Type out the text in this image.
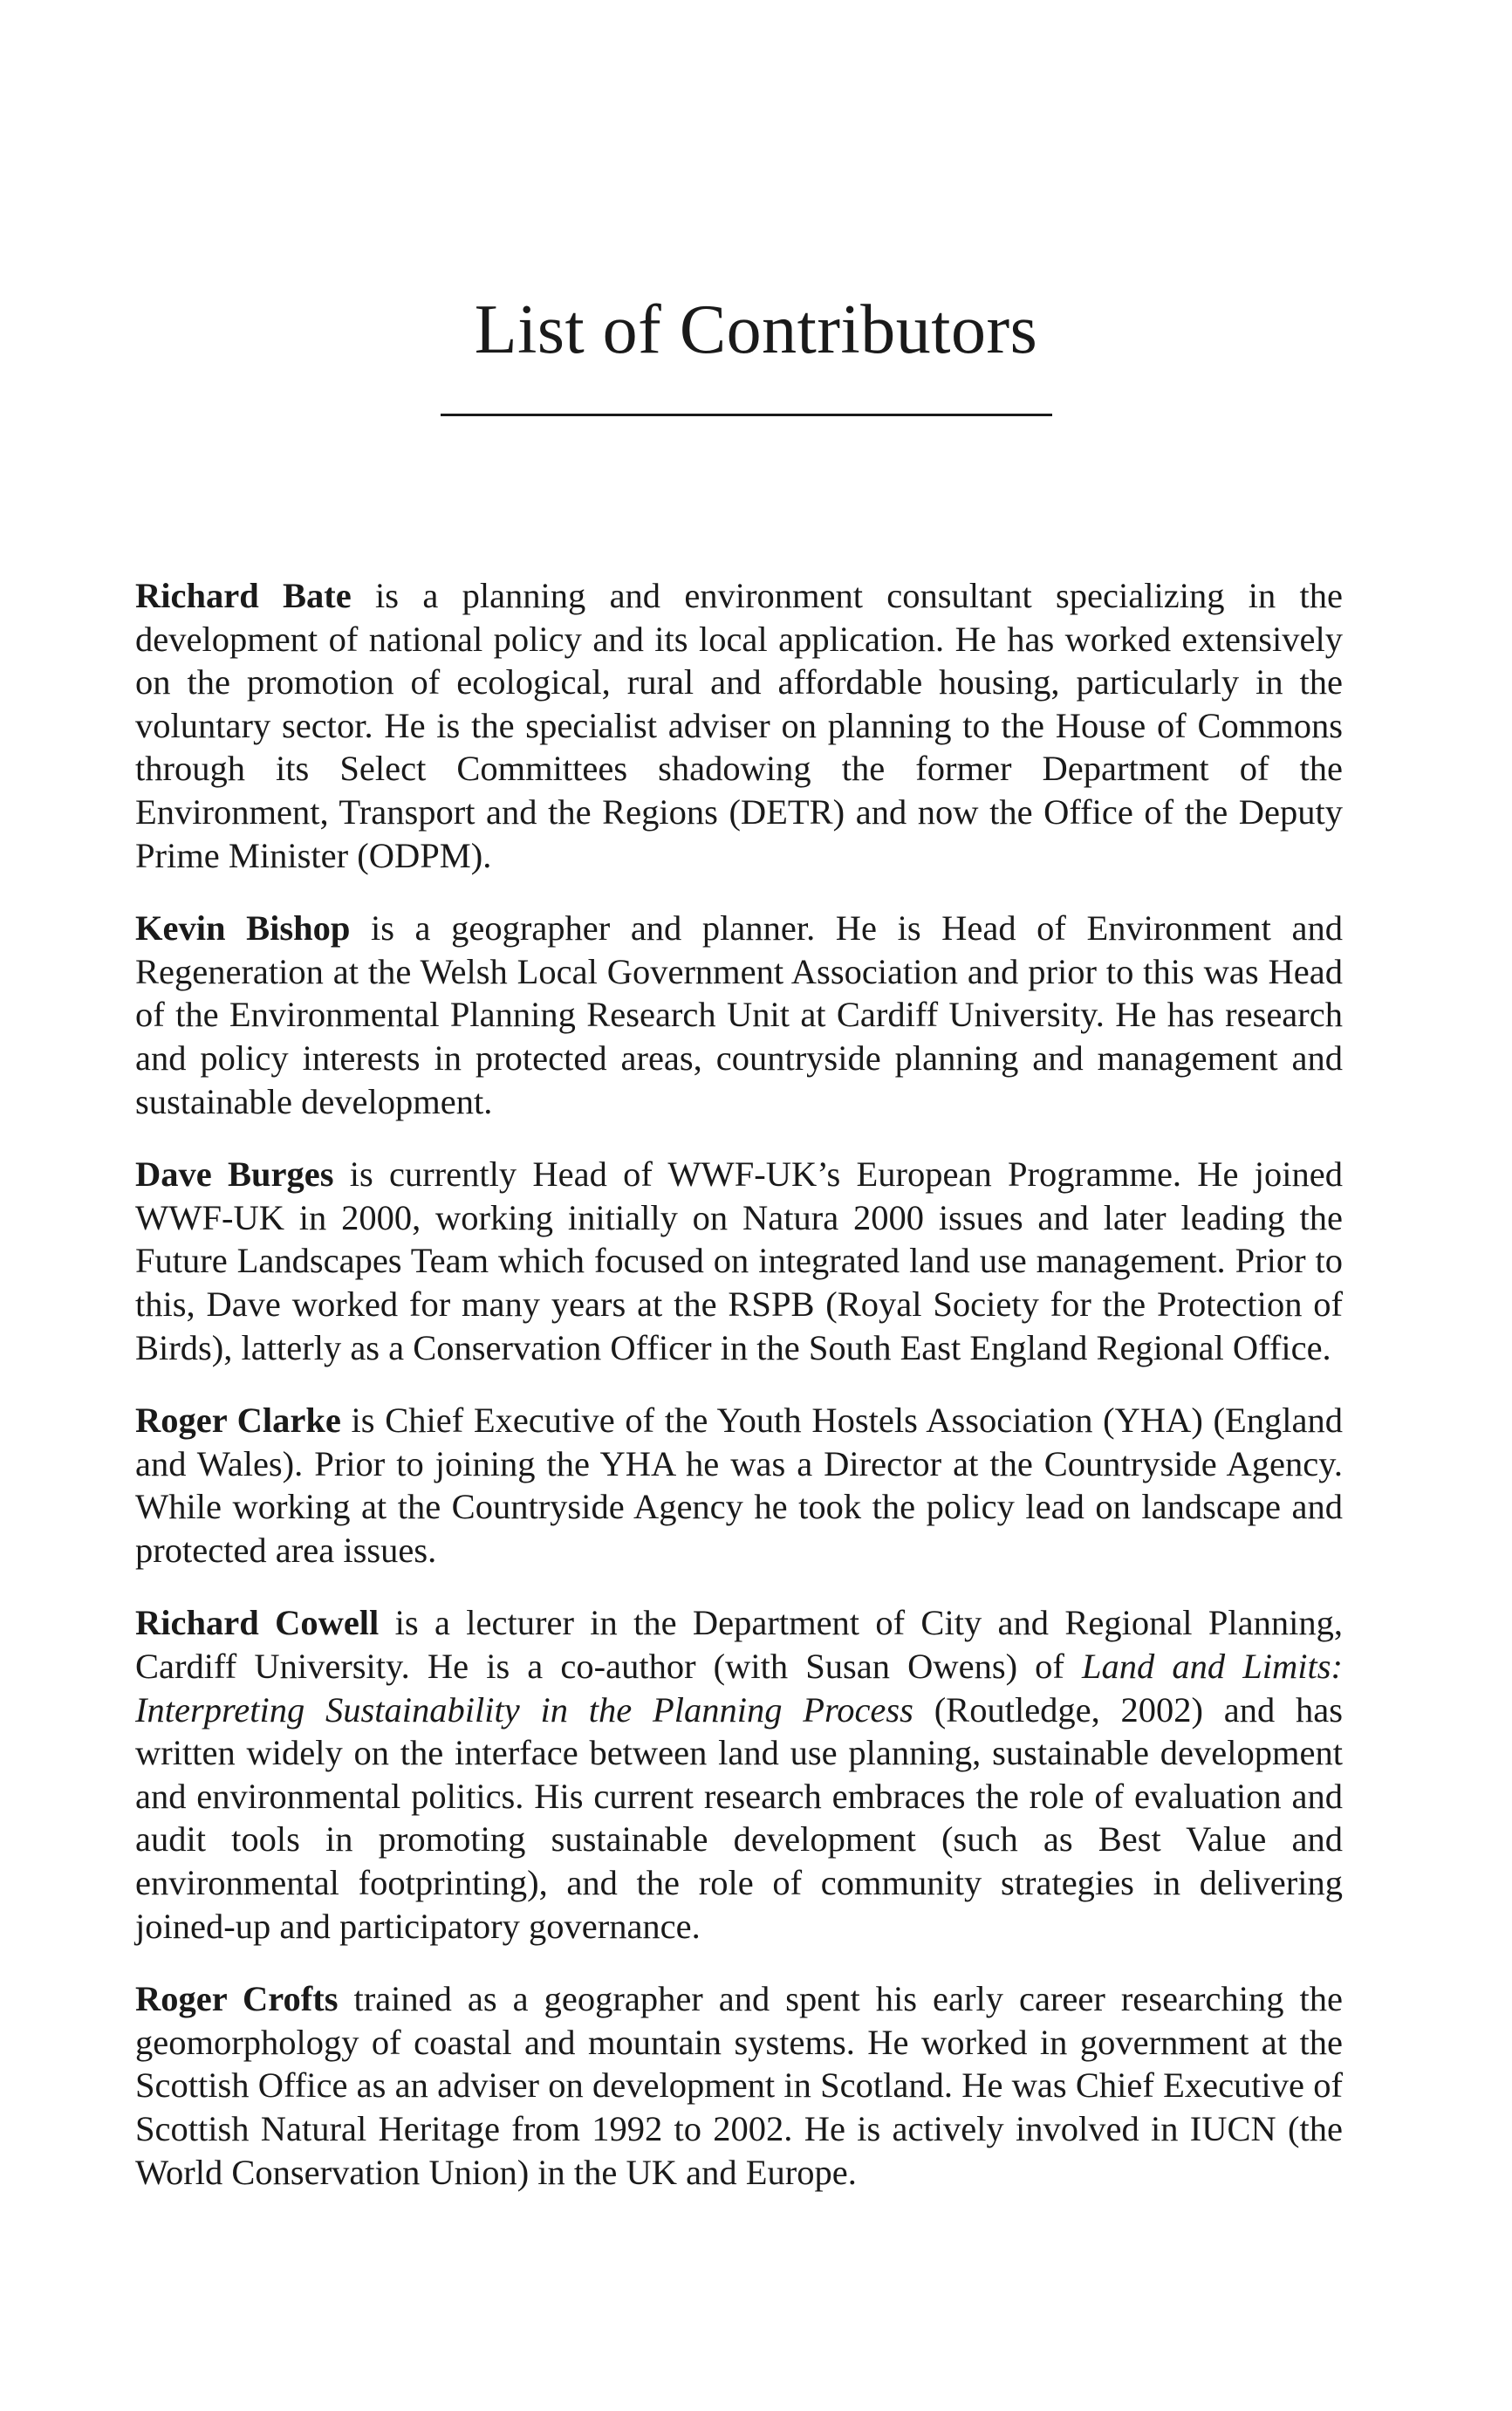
List of Contributors

Richard Bate is a planning and environment consultant specializing in the development of national policy and its local application. He has worked extensively on the promotion of ecological, rural and affordable housing, particularly in the voluntary sector. He is the specialist adviser on planning to the House of Commons through its Select Committees shadowing the former Department of the Environment, Transport and the Regions (DETR) and now the Office of the Deputy Prime Minister (ODPM).

Kevin Bishop is a geographer and planner. He is Head of Environment and Regeneration at the Welsh Local Government Association and prior to this was Head of the Environmental Planning Research Unit at Cardiff University. He has research and policy interests in protected areas, countryside planning and management and sustainable development.

Dave Burges is currently Head of WWF-UK’s European Programme. He joined WWF-UK in 2000, working initially on Natura 2000 issues and later leading the Future Landscapes Team which focused on integrated land use management. Prior to this, Dave worked for many years at the RSPB (Royal Society for the Protection of Birds), latterly as a Conservation Officer in the South East England Regional Office.

Roger Clarke is Chief Executive of the Youth Hostels Association (YHA) (England and Wales). Prior to joining the YHA he was a Director at the Countryside Agency. While working at the Countryside Agency he took the policy lead on landscape and protected area issues.

Richard Cowell is a lecturer in the Department of City and Regional Planning, Cardiff University. He is a co-author (with Susan Owens) of Land and Limits: Interpreting Sustainability in the Planning Process (Routledge, 2002) and has written widely on the interface between land use planning, sustainable development and environmental politics. His current research embraces the role of evaluation and audit tools in promoting sustainable development (such as Best Value and environmental footprinting), and the role of community strategies in delivering joined-up and participatory governance.

Roger Crofts trained as a geographer and spent his early career researching the geomorphology of coastal and mountain systems. He worked in government at the Scottish Office as an adviser on development in Scotland. He was Chief Executive of Scottish Natural Heritage from 1992 to 2002. He is actively involved in IUCN (the World Conservation Union) in the UK and Europe.
